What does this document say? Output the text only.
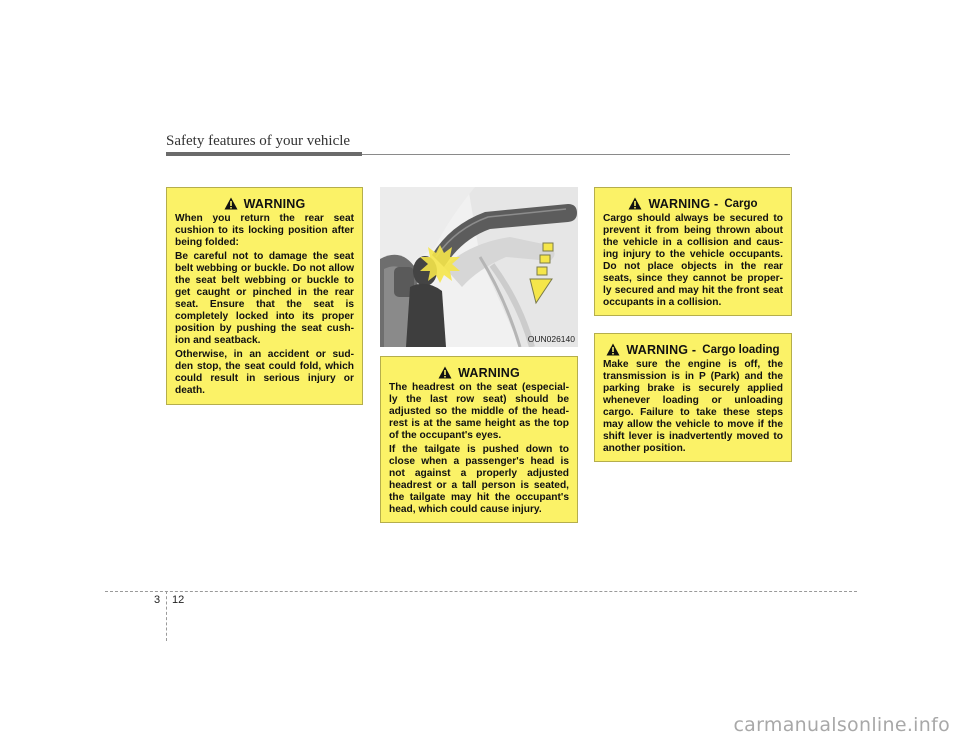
Safety features of your vehicle
WARNING

When you return the rear seat cushion to its locking position after being folded:

Be careful not to damage the seat belt webbing or buckle. Do not allow the seat belt webbing or buckle to get caught or pinched in the rear seat. Ensure that the seat is completely locked into its proper position by pushing the seat cush- ion and seatback.

Otherwise, in an accident or sud- den stop, the seat could fold, which could result in serious injury or death.

OUN026140
WARNING

The headrest on the seat (especial- ly the last row seat) should be adjusted so the middle of the head- rest is at the same height as the top of the occupant's eyes.

If the tailgate is pushed down to close when a passenger's head is not against a properly adjusted headrest or a tall person is seated, the tailgate may hit the occupant's head, which could cause injury.

WARNING - Cargo

Cargo should always be secured to prevent it from being thrown about the vehicle in a collision and caus- ing injury to the vehicle occupants. Do not place objects in the rear seats, since they cannot be proper- ly secured and may hit the front seat occupants in a collision.

WARNING - Cargo loading

Make sure the engine is off, the transmission is in P (Park) and the parking brake is securely applied whenever loading or unloading cargo. Failure to take these steps may allow the vehicle to move if the shift lever is inadvertently moved to another position.

3 12
carmanualsonline.info
